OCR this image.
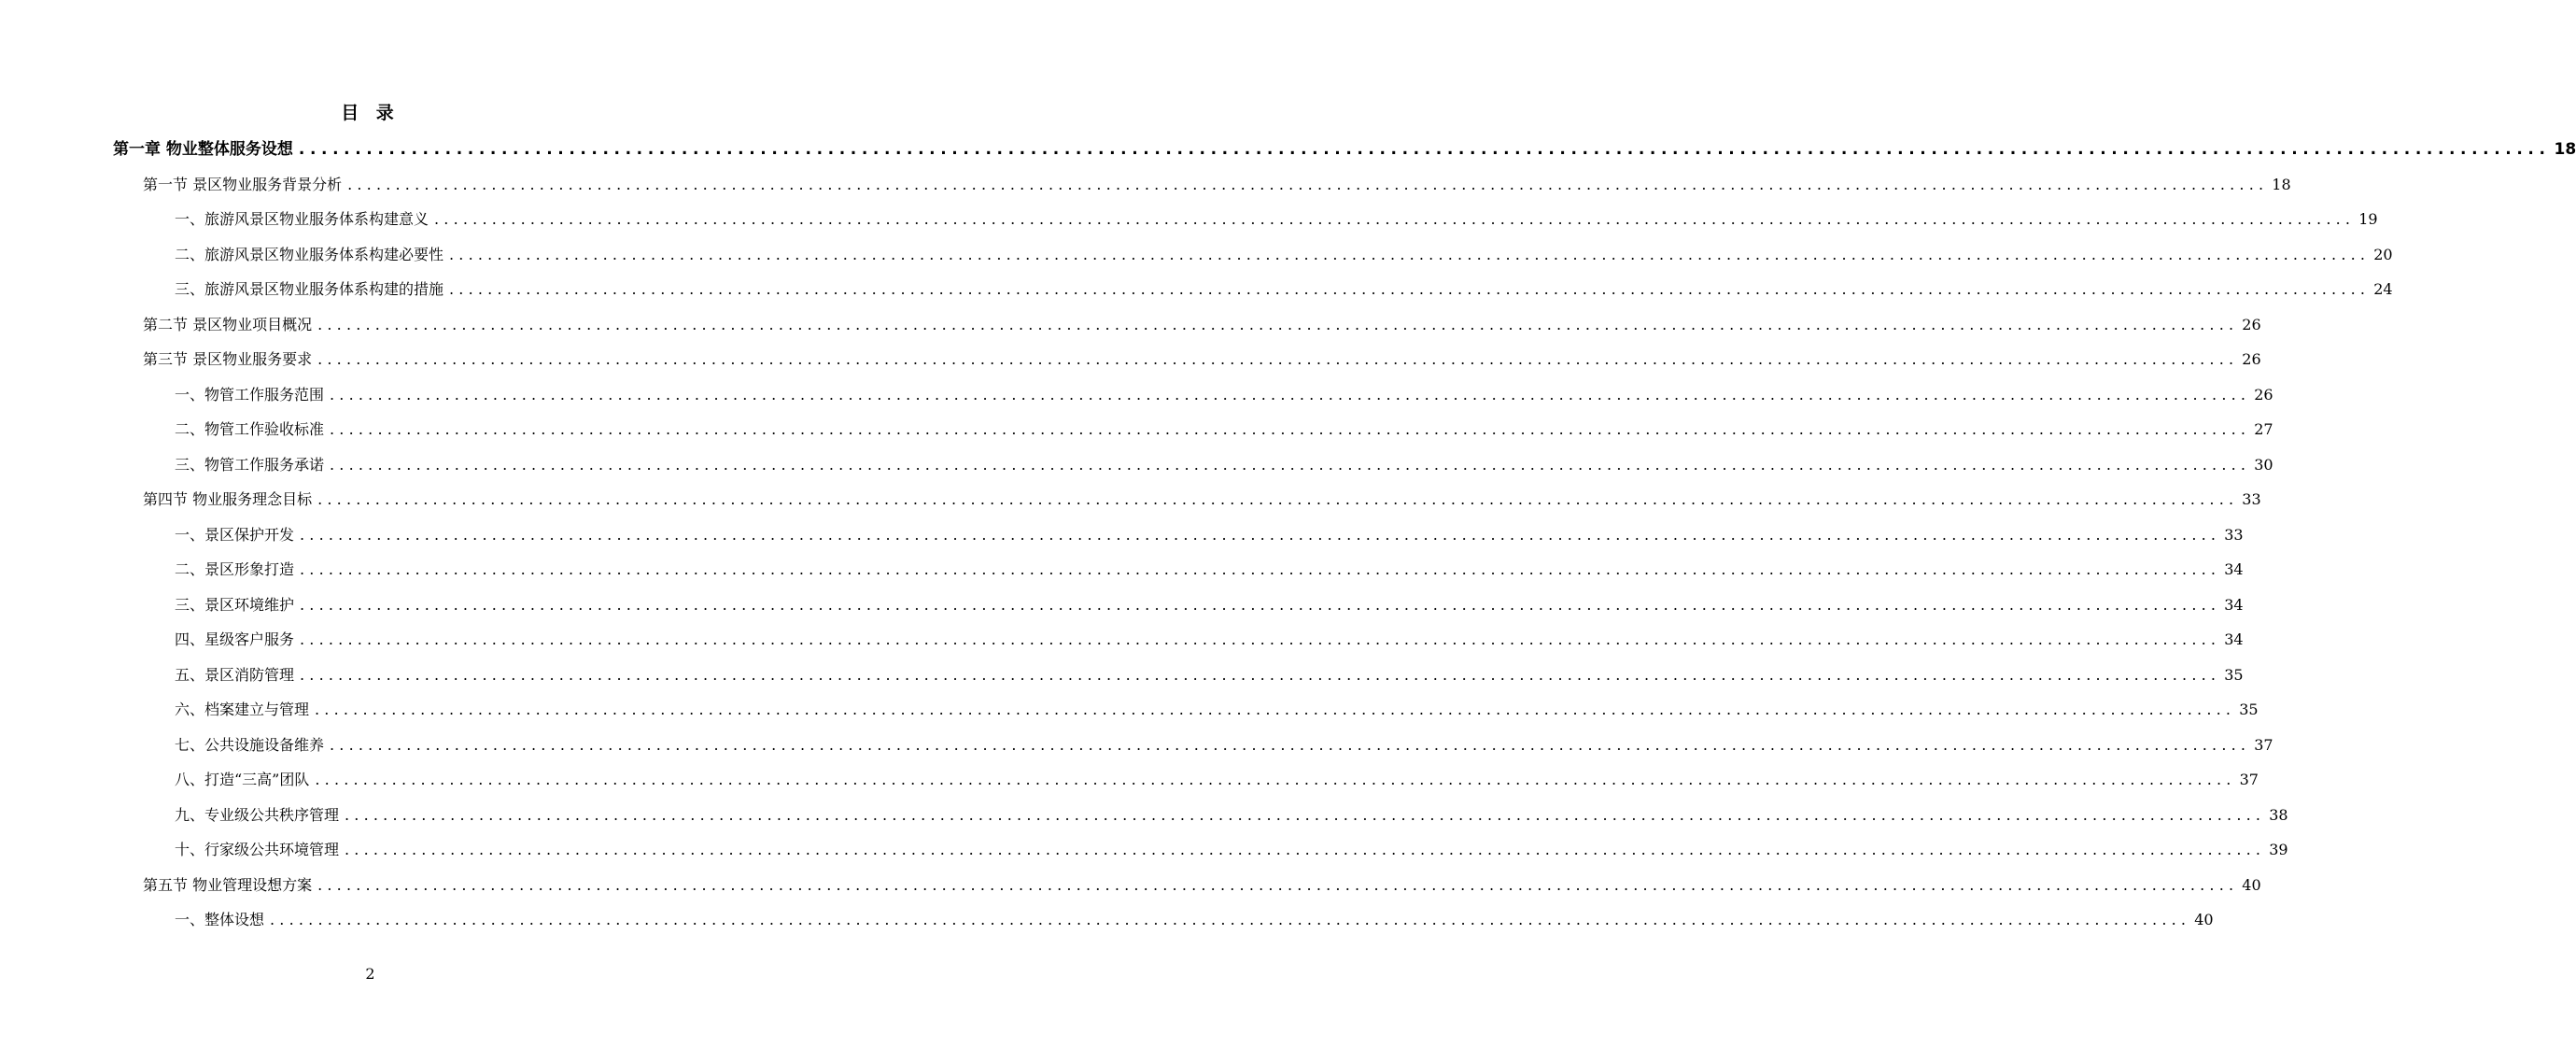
目 录
第一章 物业整体服务设想 ........................................................................................................................................................................................................ 18
第一节 景区物业服务背景分析 ........................................................................................................................................................................................................ 18
一、旅游风景区物业服务体系构建意义 ........................................................................................................................................................................................................ 19
二、旅游风景区物业服务体系构建必要性 ........................................................................................................................................................................................................ 20
三、旅游风景区物业服务体系构建的措施 ........................................................................................................................................................................................................ 24
第二节 景区物业项目概况 ........................................................................................................................................................................................................ 26
第三节 景区物业服务要求 ........................................................................................................................................................................................................ 26
一、物管工作服务范围 ........................................................................................................................................................................................................ 26
二、物管工作验收标准 ........................................................................................................................................................................................................ 27
三、物管工作服务承诺 ........................................................................................................................................................................................................ 30
第四节 物业服务理念目标 ........................................................................................................................................................................................................ 33
一、景区保护开发 ........................................................................................................................................................................................................ 33
二、景区形象打造 ........................................................................................................................................................................................................ 34
三、景区环境维护 ........................................................................................................................................................................................................ 34
四、星级客户服务 ........................................................................................................................................................................................................ 34
五、景区消防管理 ........................................................................................................................................................................................................ 35
六、档案建立与管理 ........................................................................................................................................................................................................ 35
七、公共设施设备维养 ........................................................................................................................................................................................................ 37
八、打造“三高”团队 ........................................................................................................................................................................................................ 37
九、专业级公共秩序管理 ........................................................................................................................................................................................................ 38
十、行家级公共环境管理 ........................................................................................................................................................................................................ 39
第五节 物业管理设想方案 ........................................................................................................................................................................................................ 40
一、整体设想 ........................................................................................................................................................................................................ 40
2
